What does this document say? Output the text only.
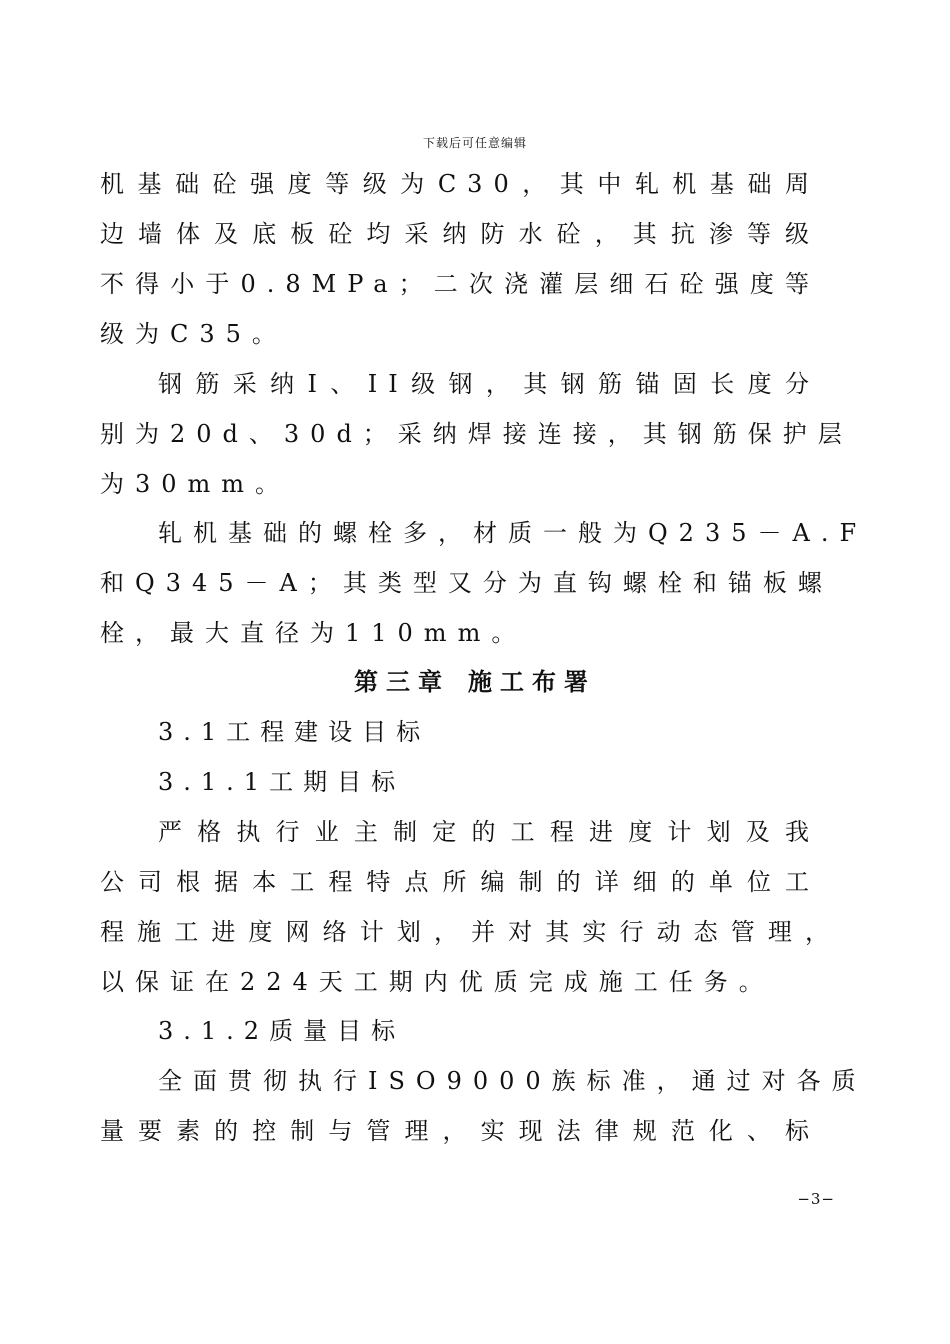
下载后可任意编辑
机基础砼强度等级为C30，其中轧机基础周
边墙体及底板砼均采纳防水砼，其抗渗等级
不得小于0.8MPa；二次浇灌层细石砼强度等
级为C35。
钢筋采纳I、II级钢，其钢筋锚固长度分
别为20d、30d；采纳焊接连接，其钢筋保护层
为30mm。
轧机基础的螺栓多，材质一般为Q235－A.F
和Q345－A；其类型又分为直钩螺栓和锚板螺
栓，最大直径为110mm。
第三章 施工布署
3.1工程建设目标
3.1.1工期目标
严格执行业主制定的工程进度计划及我
公司根据本工程特点所编制的详细的单位工
程施工进度网络计划，并对其实行动态管理，
以保证在224天工期内优质完成施工任务。
3.1.2质量目标
全面贯彻执行ISO9000族标准，通过对各质
量要素的控制与管理，实现法律规范化、标
−3−
